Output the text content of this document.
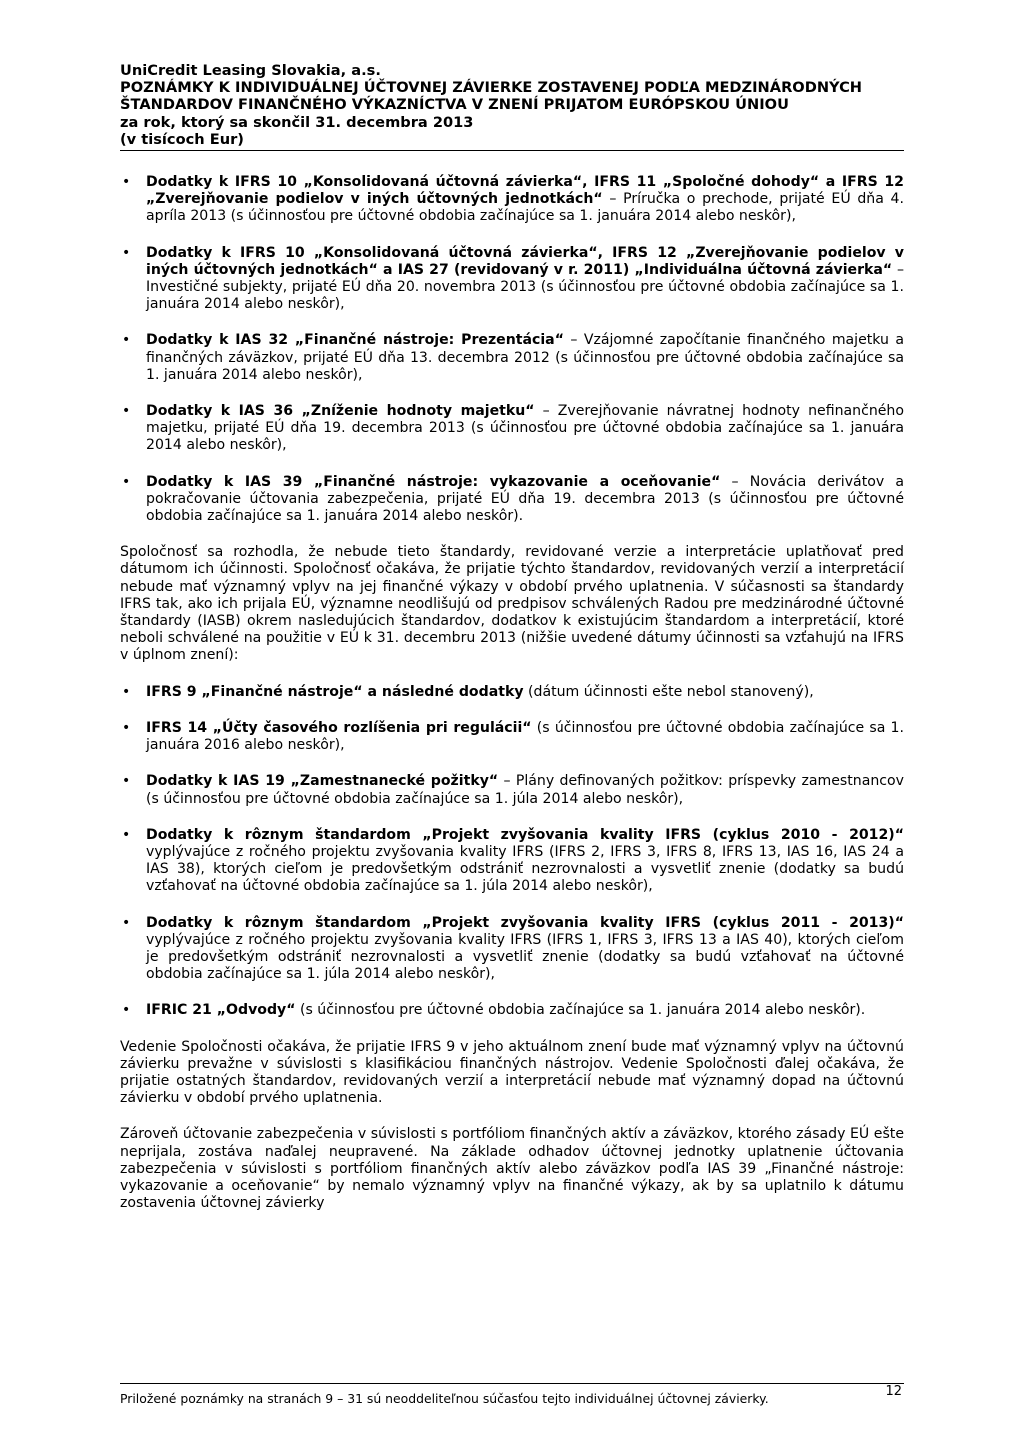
UniCredit Leasing Slovakia, a.s.
POZNÁMKY K INDIVIDUÁLNEJ ÚČTOVNEJ ZÁVIERKE ZOSTAVENEJ PODĽA MEDZINÁRODNÝCH
ŠTANDARDOV FINANČNÉHO VÝKAZNÍCTVA V ZNENÍ PRIJATOM EURÓPSKOU ÚNIOU
za rok, ktorý sa skončil 31. decembra 2013
(v tisícoch Eur)
• Dodatky k IFRS 10 „Konsolidovaná účtovná závierka“, IFRS 11 „Spoločné dohody“ a IFRS 12 „Zverejňovanie podielov v iných účtovných jednotkách“ – Príručka o prechode, prijaté EÚ dňa 4. apríla 2013 (s účinnosťou pre účtovné obdobia začínajúce sa 1. januára 2014 alebo neskôr),
• Dodatky k IFRS 10 „Konsolidovaná účtovná závierka“, IFRS 12 „Zverejňovanie podielov v iných účtovných jednotkách“ a IAS 27 (revidovaný v r. 2011) „Individuálna účtovná závierka“ – Investičné subjekty, prijaté EÚ dňa 20. novembra 2013 (s účinnosťou pre účtovné obdobia začínajúce sa 1. januára 2014 alebo neskôr),
• Dodatky k IAS 32 „Finančné nástroje: Prezentácia“ – Vzájomné započítanie finančného majetku a finančných záväzkov, prijaté EÚ dňa 13. decembra 2012 (s účinnosťou pre účtovné obdobia začínajúce sa 1. januára 2014 alebo neskôr),
• Dodatky k IAS 36 „Zníženie hodnoty majetku“ – Zverejňovanie návratnej hodnoty nefinančného majetku, prijaté EÚ dňa 19. decembra 2013 (s účinnosťou pre účtovné obdobia začínajúce sa 1. januára 2014 alebo neskôr),
• Dodatky k IAS 39 „Finančné nástroje: vykazovanie a oceňovanie“ – Novácia derivátov a pokračovanie účtovania zabezpečenia, prijaté EÚ dňa 19. decembra 2013 (s účinnosťou pre účtovné obdobia začínajúce sa 1. januára 2014 alebo neskôr).

Spoločnosť sa rozhodla, že nebude tieto štandardy, revidované verzie a interpretácie uplatňovať pred dátumom ich účinnosti. Spoločnosť očakáva, že prijatie týchto štandardov, revidovaných verzií a interpretácií nebude mať významný vplyv na jej finančné výkazy v období prvého uplatnenia. V súčasnosti sa štandardy IFRS tak, ako ich prijala EÚ, významne neodlišujú od predpisov schválených Radou pre medzinárodné účtovné štandardy (IASB) okrem nasledujúcich štandardov, dodatkov k existujúcim štandardom a interpretácií, ktoré neboli schválené na použitie v EÚ k 31. decembru 2013 (nižšie uvedené dátumy účinnosti sa vzťahujú na IFRS v úplnom znení):

• IFRS 9 „Finančné nástroje“ a následné dodatky (dátum účinnosti ešte nebol stanovený),
• IFRS 14 „Účty časového rozlíšenia pri regulácii“ (s účinnosťou pre účtovné obdobia začínajúce sa 1. januára 2016 alebo neskôr),
• Dodatky k IAS 19 „Zamestnanecké požitky“ – Plány definovaných požitkov: príspevky zamestnancov (s účinnosťou pre účtovné obdobia začínajúce sa 1. júla 2014 alebo neskôr),
• Dodatky k rôznym štandardom „Projekt zvyšovania kvality IFRS (cyklus 2010 - 2012)“ vyplývajúce z ročného projektu zvyšovania kvality IFRS (IFRS 2, IFRS 3, IFRS 8, IFRS 13, IAS 16, IAS 24 a IAS 38), ktorých cieľom je predovšetkým odstrániť nezrovnalosti a vysvetliť znenie (dodatky sa budú vzťahovať na účtovné obdobia začínajúce sa 1. júla 2014 alebo neskôr),
• Dodatky k rôznym štandardom „Projekt zvyšovania kvality IFRS (cyklus 2011 - 2013)“ vyplývajúce z ročného projektu zvyšovania kvality IFRS (IFRS 1, IFRS 3, IFRS 13 a IAS 40), ktorých cieľom je predovšetkým odstrániť nezrovnalosti a vysvetliť znenie (dodatky sa budú vzťahovať na účtovné obdobia začínajúce sa 1. júla 2014 alebo neskôr),
• IFRIC 21 „Odvody“ (s účinnosťou pre účtovné obdobia začínajúce sa 1. januára 2014 alebo neskôr).

Vedenie Spoločnosti očakáva, že prijatie IFRS 9 v jeho aktuálnom znení bude mať významný vplyv na účtovnú závierku prevažne v súvislosti s klasifikáciou finančných nástrojov. Vedenie Spoločnosti ďalej očakáva, že prijatie ostatných štandardov, revidovaných verzií a interpretácií nebude mať významný dopad na účtovnú závierku v období prvého uplatnenia.

Zároveň účtovanie zabezpečenia v súvislosti s portfóliom finančných aktív a záväzkov, ktorého zásady EÚ ešte neprijala, zostáva naďalej neupravené. Na základe odhadov účtovnej jednotky uplatnenie účtovania zabezpečenia v súvislosti s portfóliom finančných aktív alebo záväzkov podľa IAS 39 „Finančné nástroje: vykazovanie a oceňovanie“ by nemalo významný vplyv na finančné výkazy, ak by sa uplatnilo k dátumu zostavenia účtovnej závierky

Priložené poznámky na stranách 9 – 31 sú neoddeliteľnou súčasťou tejto individuálnej účtovnej závierky.	12
